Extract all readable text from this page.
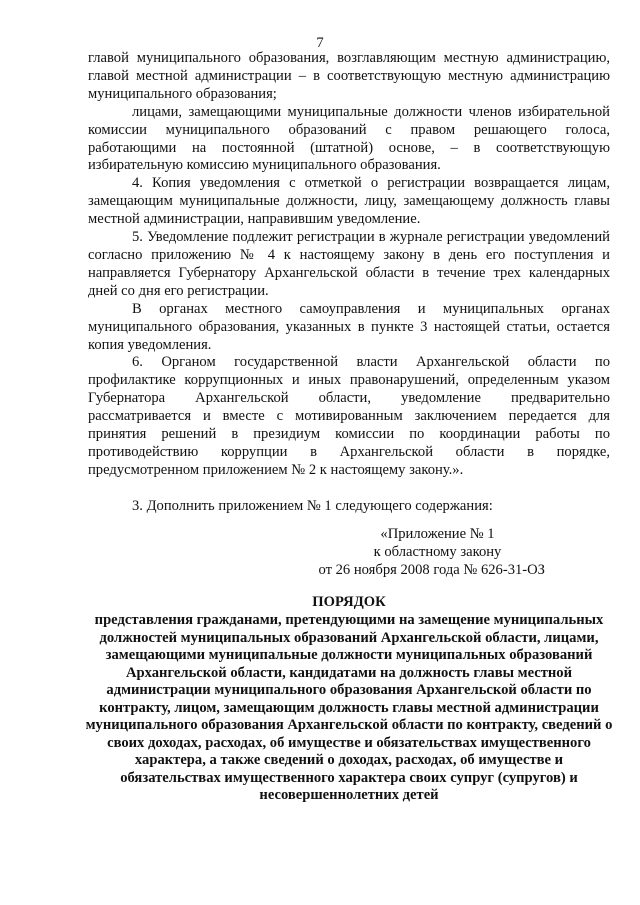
7

главой муниципального образования, возглавляющим местную администрацию, главой местной администрации – в соответствующую местную администрацию муниципального образования;

лицами, замещающими муниципальные должности членов избирательной комиссии муниципального образований с правом решающего голоса, работающими на постоянной (штатной) основе, – в соответствующую избирательную комиссию муниципального образования.

4. Копия уведомления с отметкой о регистрации возвращается лицам, замещающим муниципальные должности, лицу, замещающему должность главы местной администрации, направившим уведомление.

5. Уведомление подлежит регистрации в журнале регистрации уведомлений согласно приложению № 4 к настоящему закону в день его поступления и направляется Губернатору Архангельской области в течение трех календарных дней со дня его регистрации.

В органах местного самоуправления и муниципальных органах муниципального образования, указанных в пункте 3 настоящей статьи, остается копия уведомления.

6. Органом государственной власти Архангельской области по профилактике коррупционных и иных правонарушений, определенным указом Губернатора Архангельской области, уведомление предварительно рассматривается и вместе с мотивированным заключением передается для принятия решений в президиум комиссии по координации работы по противодействию коррупции в Архангельской области в порядке, предусмотренном приложением № 2 к настоящему закону.».

3. Дополнить приложением № 1 следующего содержания:

«Приложение № 1
к областному закону
от 26 ноября 2008 года № 626-31-ОЗ
ПОРЯДОК
представления гражданами, претендующими на замещение муниципальных должностей муниципальных образований Архангельской области, лицами, замещающими муниципальные должности муниципальных образований Архангельской области, кандидатами на должность главы местной администрации муниципального образования Архангельской области по контракту, лицом, замещающим должность главы местной администрации муниципального образования Архангельской области по контракту, сведений о своих доходах, расходах, об имуществе и обязательствах имущественного характера, а также сведений о доходах, расходах, об имуществе и обязательствах имущественного характера своих супруг (супругов) и несовершеннолетних детей
